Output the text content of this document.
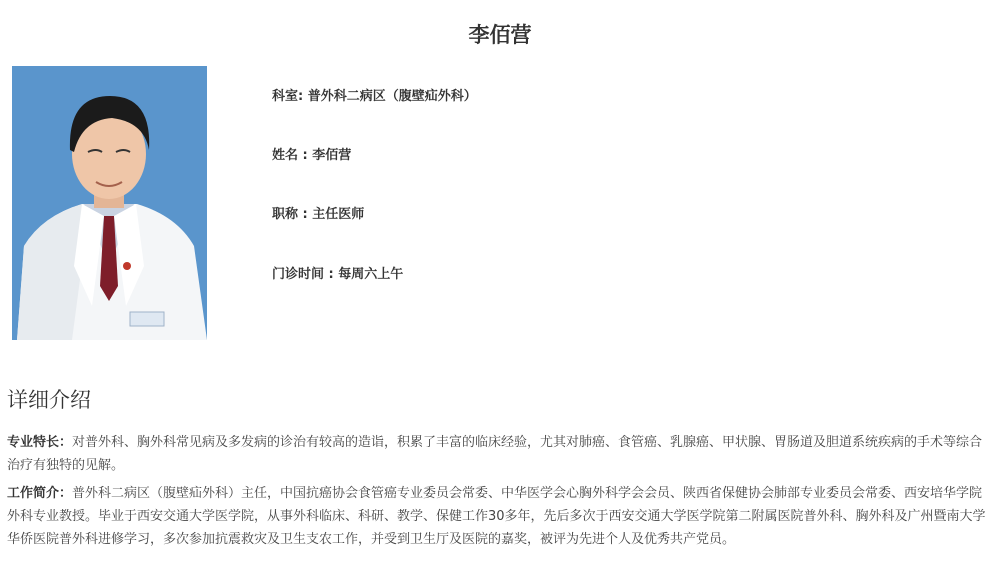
李佰营
科室: 普外科二病区（腹壁疝外科）
姓名 : 李佰营
职称 : 主任医师
门诊时间 : 每周六上午
详细介绍
专业特长：对普外科、胸外科常见病及多发病的诊治有较高的造诣，积累了丰富的临床经验，尤其对肺癌、食管癌、乳腺癌、甲状腺、胃肠道及胆道系统疾病的手术等综合治疗有独特的见解。
工作简介：普外科二病区（腹壁疝外科）主任，中国抗癌协会食管癌专业委员会常委、中华医学会心胸外科学会会员、陕西省保健协会肺部专业委员会常委、西安培华学院外科专业教授。毕业于西安交通大学医学院，从事外科临床、科研、教学、保健工作30多年，先后多次于西安交通大学医学院第二附属医院普外科、胸外科及广州暨南大学华侨医院普外科进修学习，多次参加抗震救灾及卫生支农工作，并受到卫生厅及医院的嘉奖，被评为先进个人及优秀共产党员。
